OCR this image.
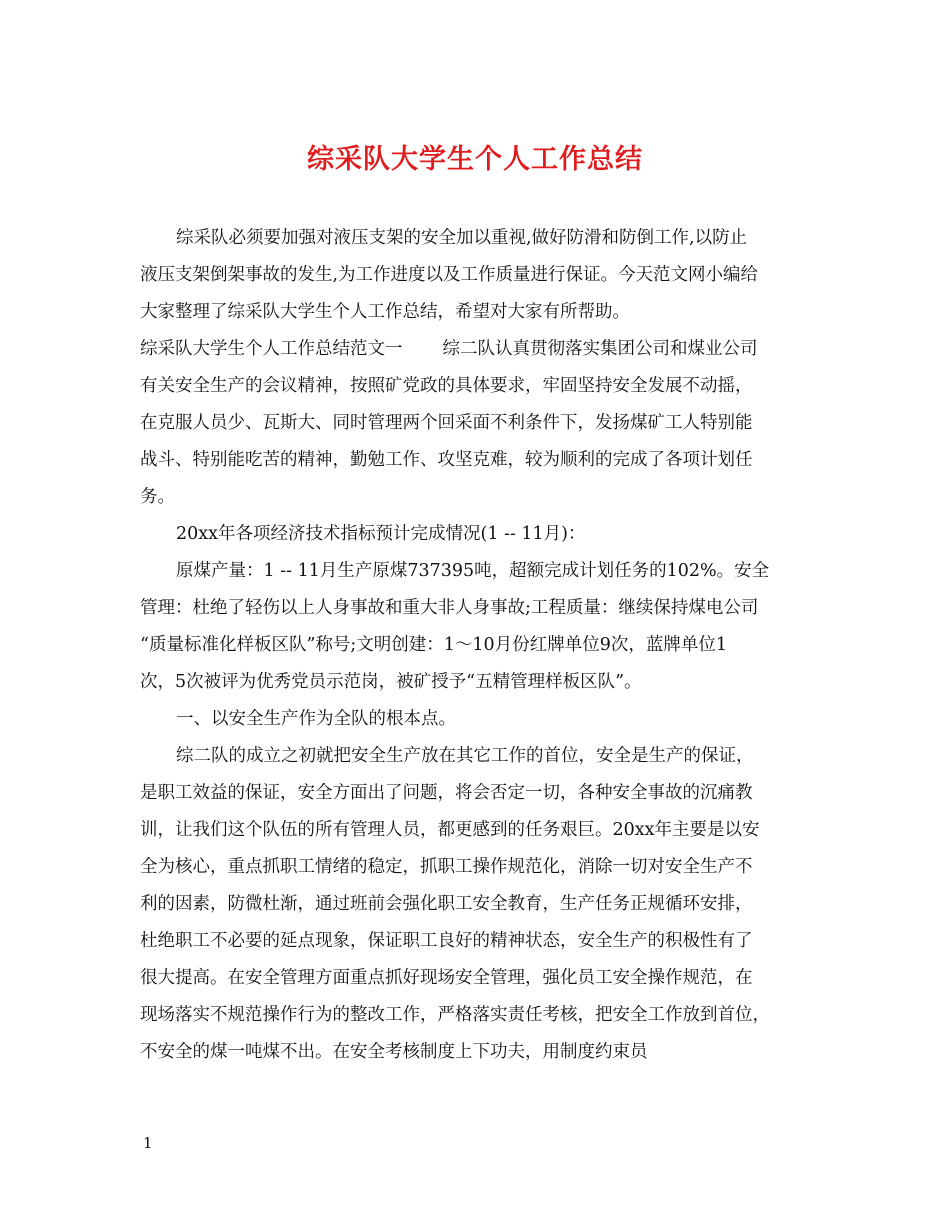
综采队大学生个人工作总结
综采队必须要加强对液压支架的安全加以重视,做好防滑和防倒工作,以防止
液压支架倒架事故的发生,为工作进度以及工作质量进行保证。今天范文网小编给
大家整理了综采队大学生个人工作总结，希望对大家有所帮助。
综采队大学生个人工作总结范文一 综二队认真贯彻落实集团公司和煤业公司
有关安全生产的会议精神，按照矿党政的具体要求，牢固坚持安全发展不动摇，
在克服人员少、瓦斯大、同时管理两个回采面不利条件下，发扬煤矿工人特别能
战斗、特别能吃苦的精神，勤勉工作、攻坚克难，较为顺利的完成了各项计划任
务。
20xx年各项经济技术指标预计完成情况(1 -- 11月)：
原煤产量：1 -- 11月生产原煤737395吨，超额完成计划任务的102%。安全
管理：杜绝了轻伤以上人身事故和重大非人身事故;工程质量：继续保持煤电公司
“质量标准化样板区队”称号;文明创建：1～10月份红牌单位9次，蓝牌单位1
次，5次被评为优秀党员示范岗，被矿授予“五精管理样板区队”。
一、以安全生产作为全队的根本点。
综二队的成立之初就把安全生产放在其它工作的首位，安全是生产的保证，
是职工效益的保证，安全方面出了问题，将会否定一切，各种安全事故的沉痛教
训，让我们这个队伍的所有管理人员，都更感到的任务艰巨。20xx年主要是以安
全为核心，重点抓职工情绪的稳定，抓职工操作规范化，消除一切对安全生产不
利的因素，防微杜渐，通过班前会强化职工安全教育，生产任务正规循环安排，
杜绝职工不必要的延点现象，保证职工良好的精神状态，安全生产的积极性有了
很大提高。在安全管理方面重点抓好现场安全管理，强化员工安全操作规范，在
现场落实不规范操作行为的整改工作，严格落实责任考核，把安全工作放到首位，
不安全的煤一吨煤不出。在安全考核制度上下功夫，用制度约束员
1
